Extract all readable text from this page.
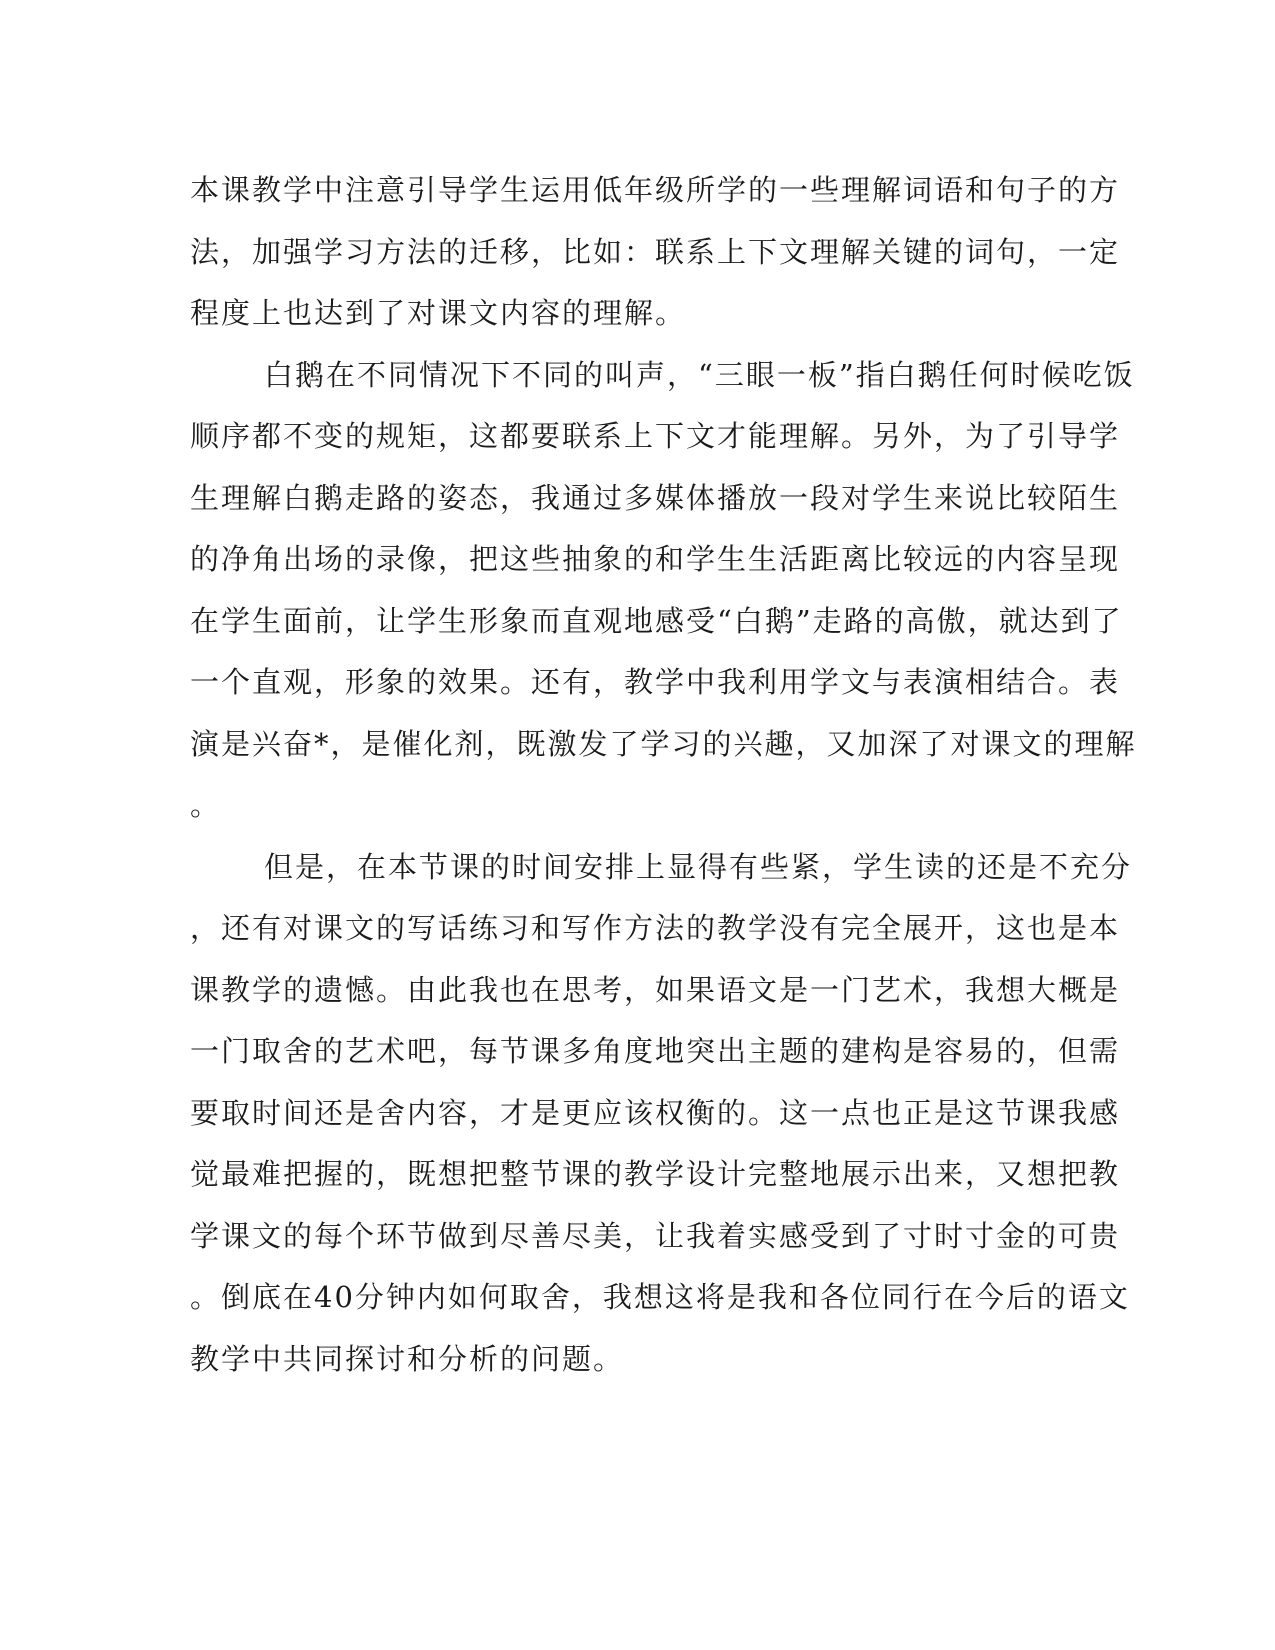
本课教学中注意引导学生运用低年级所学的一些理解词语和句子的方
法，加强学习方法的迁移，比如：联系上下文理解关键的词句，一定
程度上也达到了对课文内容的理解。
白鹅在不同情况下不同的叫声，“三眼一板”指白鹅任何时候吃饭
顺序都不变的规矩，这都要联系上下文才能理解。另外，为了引导学
生理解白鹅走路的姿态，我通过多媒体播放一段对学生来说比较陌生
的净角出场的录像，把这些抽象的和学生生活距离比较远的内容呈现
在学生面前，让学生形象而直观地感受“白鹅”走路的高傲，就达到了
一个直观，形象的效果。还有，教学中我利用学文与表演相结合。表
演是兴奋*，是催化剂，既激发了学习的兴趣，又加深了对课文的理解
。
但是，在本节课的时间安排上显得有些紧，学生读的还是不充分
，还有对课文的写话练习和写作方法的教学没有完全展开，这也是本
课教学的遗憾。由此我也在思考，如果语文是一门艺术，我想大概是
一门取舍的艺术吧，每节课多角度地突出主题的建构是容易的，但需
要取时间还是舍内容，才是更应该权衡的。这一点也正是这节课我感
觉最难把握的，既想把整节课的教学设计完整地展示出来，又想把教
学课文的每个环节做到尽善尽美，让我着实感受到了寸时寸金的可贵
。倒底在40分钟内如何取舍，我想这将是我和各位同行在今后的语文
教学中共同探讨和分析的问题。
